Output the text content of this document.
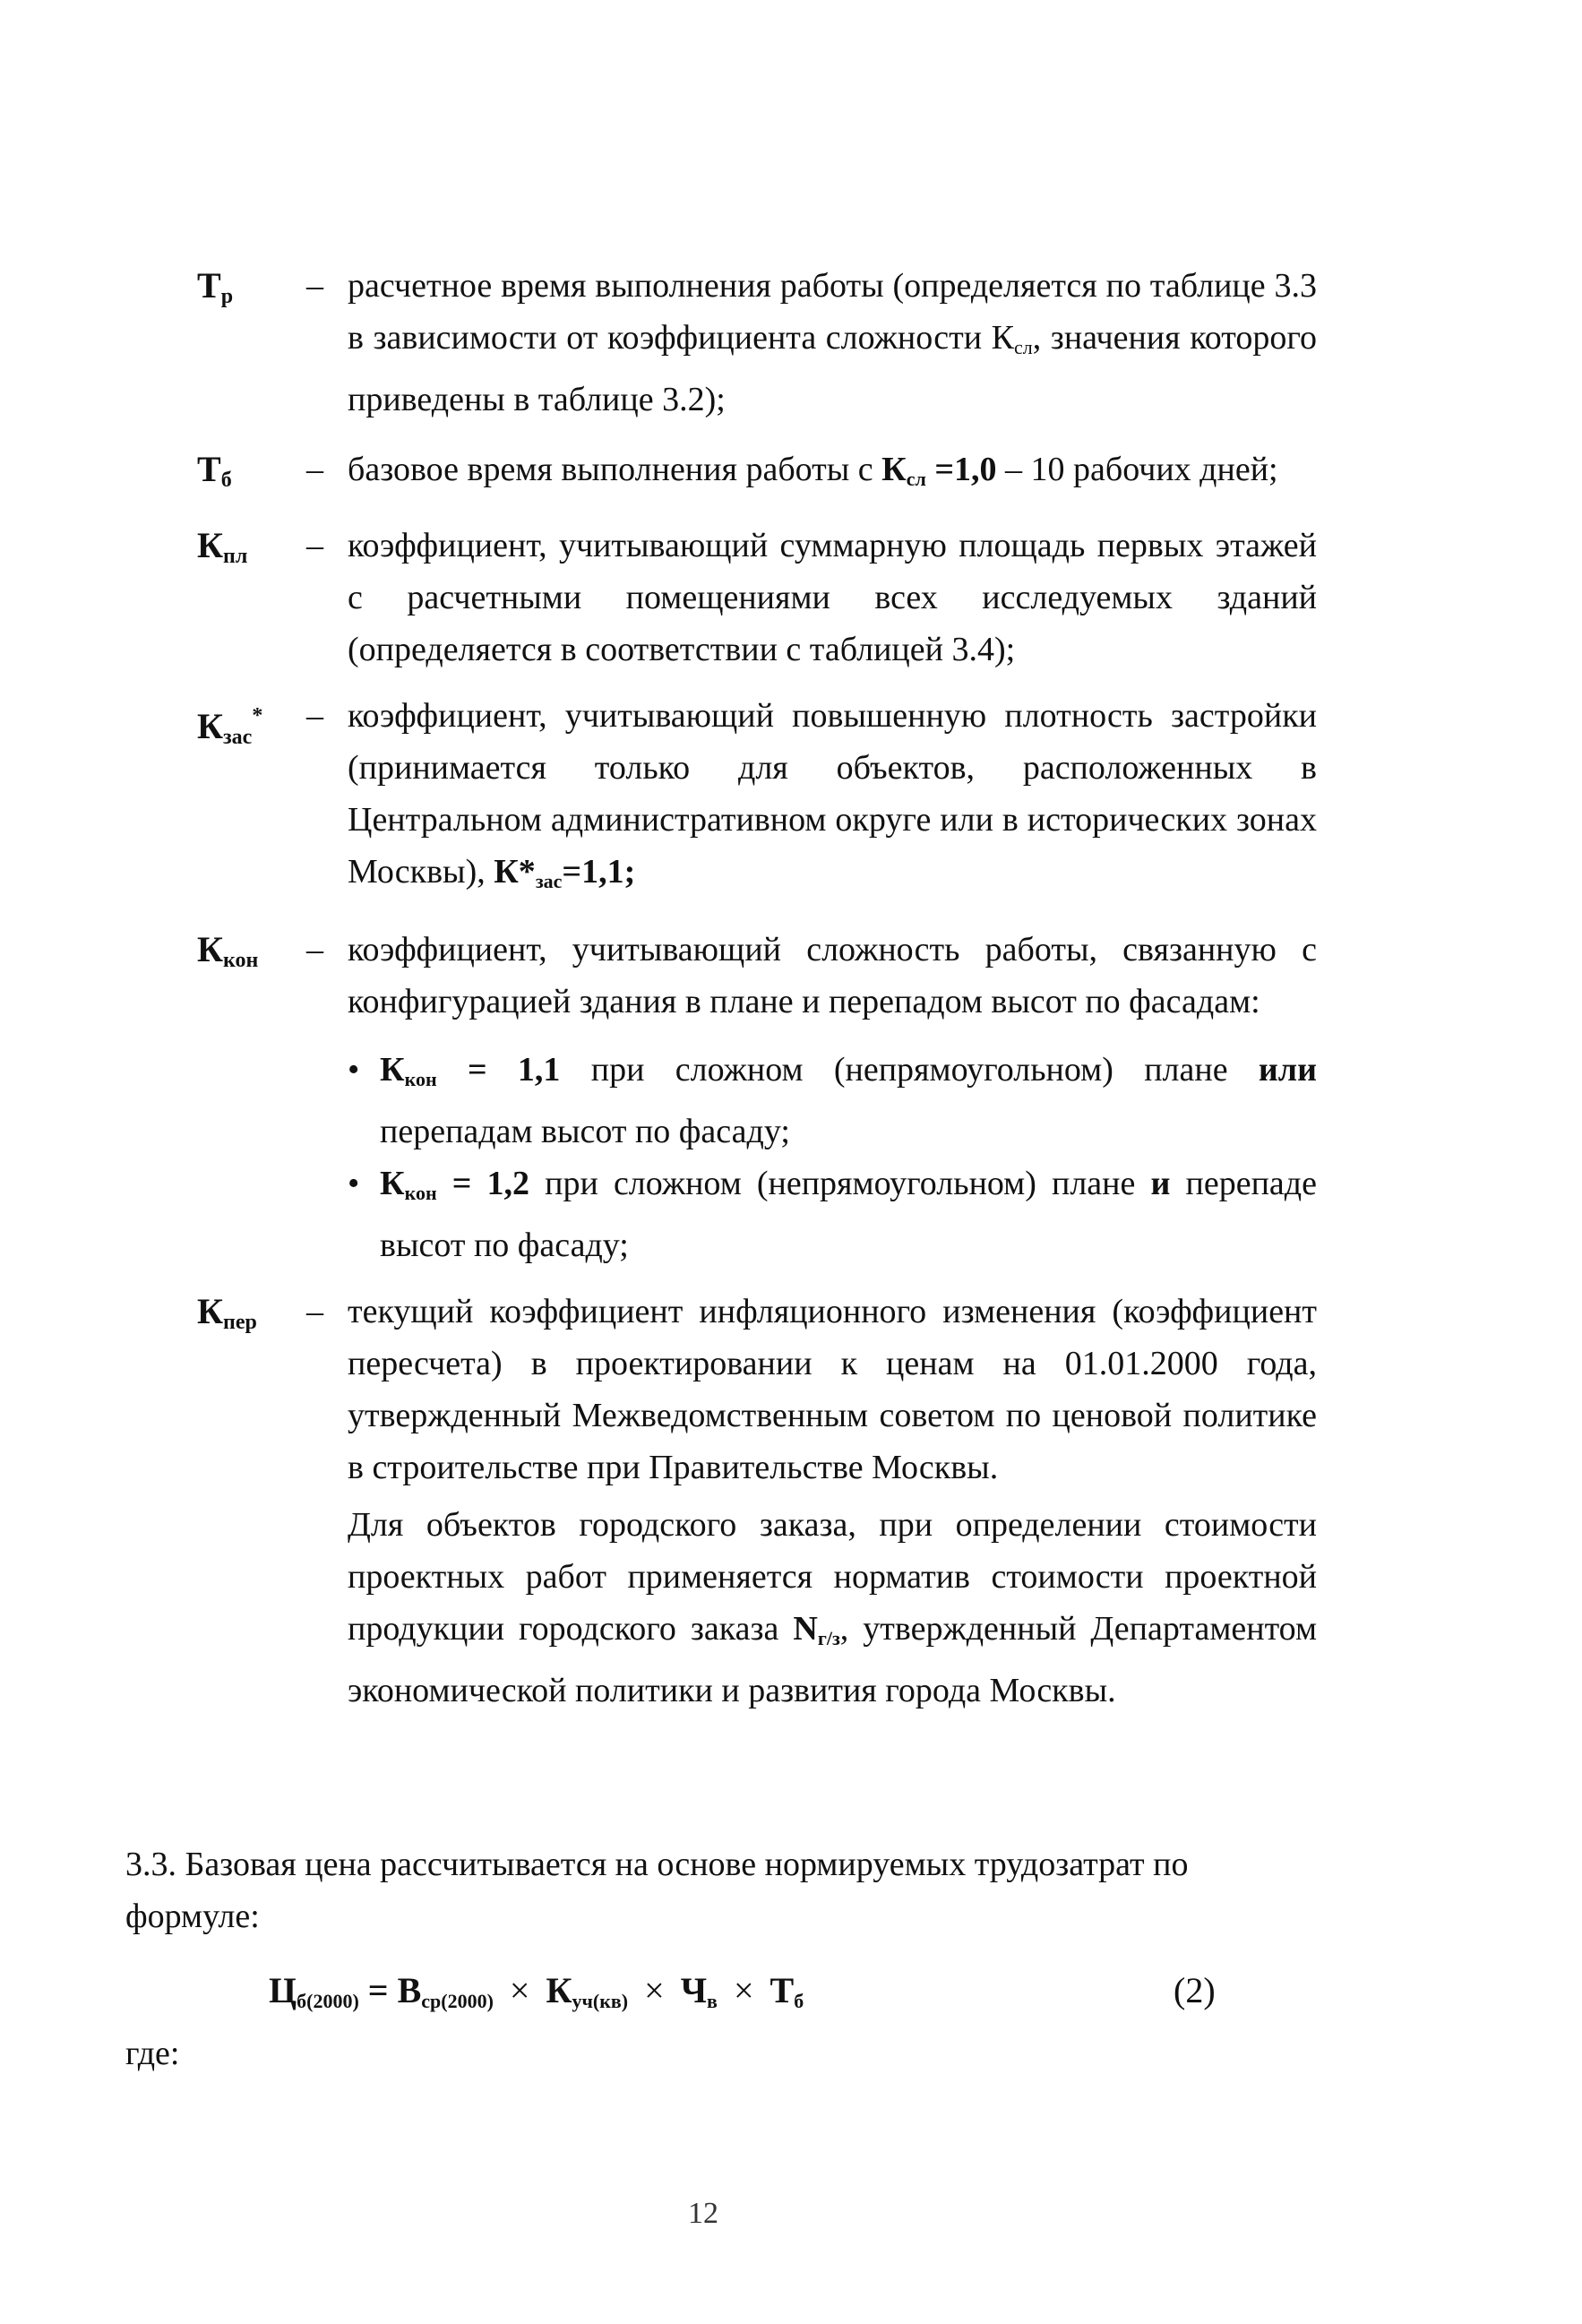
$Т_р$ – расчетное время выполнения работы (определяется по таблице 3.3 в зависимости от коэффициента сложности $К_{сл}$, значения которого приведены в таблице 3.2);
$Т_б$ – базовое время выполнения работы с $К_{сл} =1,0 - 10$ рабочих дней;
$К_{пл}$ – коэффициент, учитывающий суммарную площадь первых этажей с расчетными помещениями всех исследуемых зданий (определяется в соответствии с таблицей 3.4);
$К_{зас}^*$ – коэффициент, учитывающий повышенную плотность застройки (принимается только для объектов, расположенных в Центральном административном округе или в исторических зонах Москвы), $К*_{зас}=1,1$;
$К_{кон}$ – коэффициент, учитывающий сложность работы, связанную с конфигурацией здания в плане и перепадом высот по фасадам:
• $К_{кон} = 1,1$ при сложном (непрямоугольном) плане или перепадам высот по фасаду;
• $К_{кон} = 1,2$ при сложном (непрямоугольном) плане и перепаде высот по фасаду;
$К_{пер}$ – текущий коэффициент инфляционного изменения (коэффициент пересчета) в проектировании к ценам на 01.01.2000 года, утвержденный Межведомственным советом по ценовой политике в строительстве при Правительстве Москвы.
Для объектов городского заказа, при определении стоимости проектных работ применяется норматив стоимости проектной продукции городского заказа $N_{г/з}$, утвержденный Департаментом экономической политики и развития города Москвы.
3.3. Базовая цена рассчитывается на основе нормируемых трудозатрат по формуле:
$Ц_{б(2000)} = В_{ср(2000)} \times К_{уч(кв)} \times Ч_в \times Т_б$	(2)
где:
12
